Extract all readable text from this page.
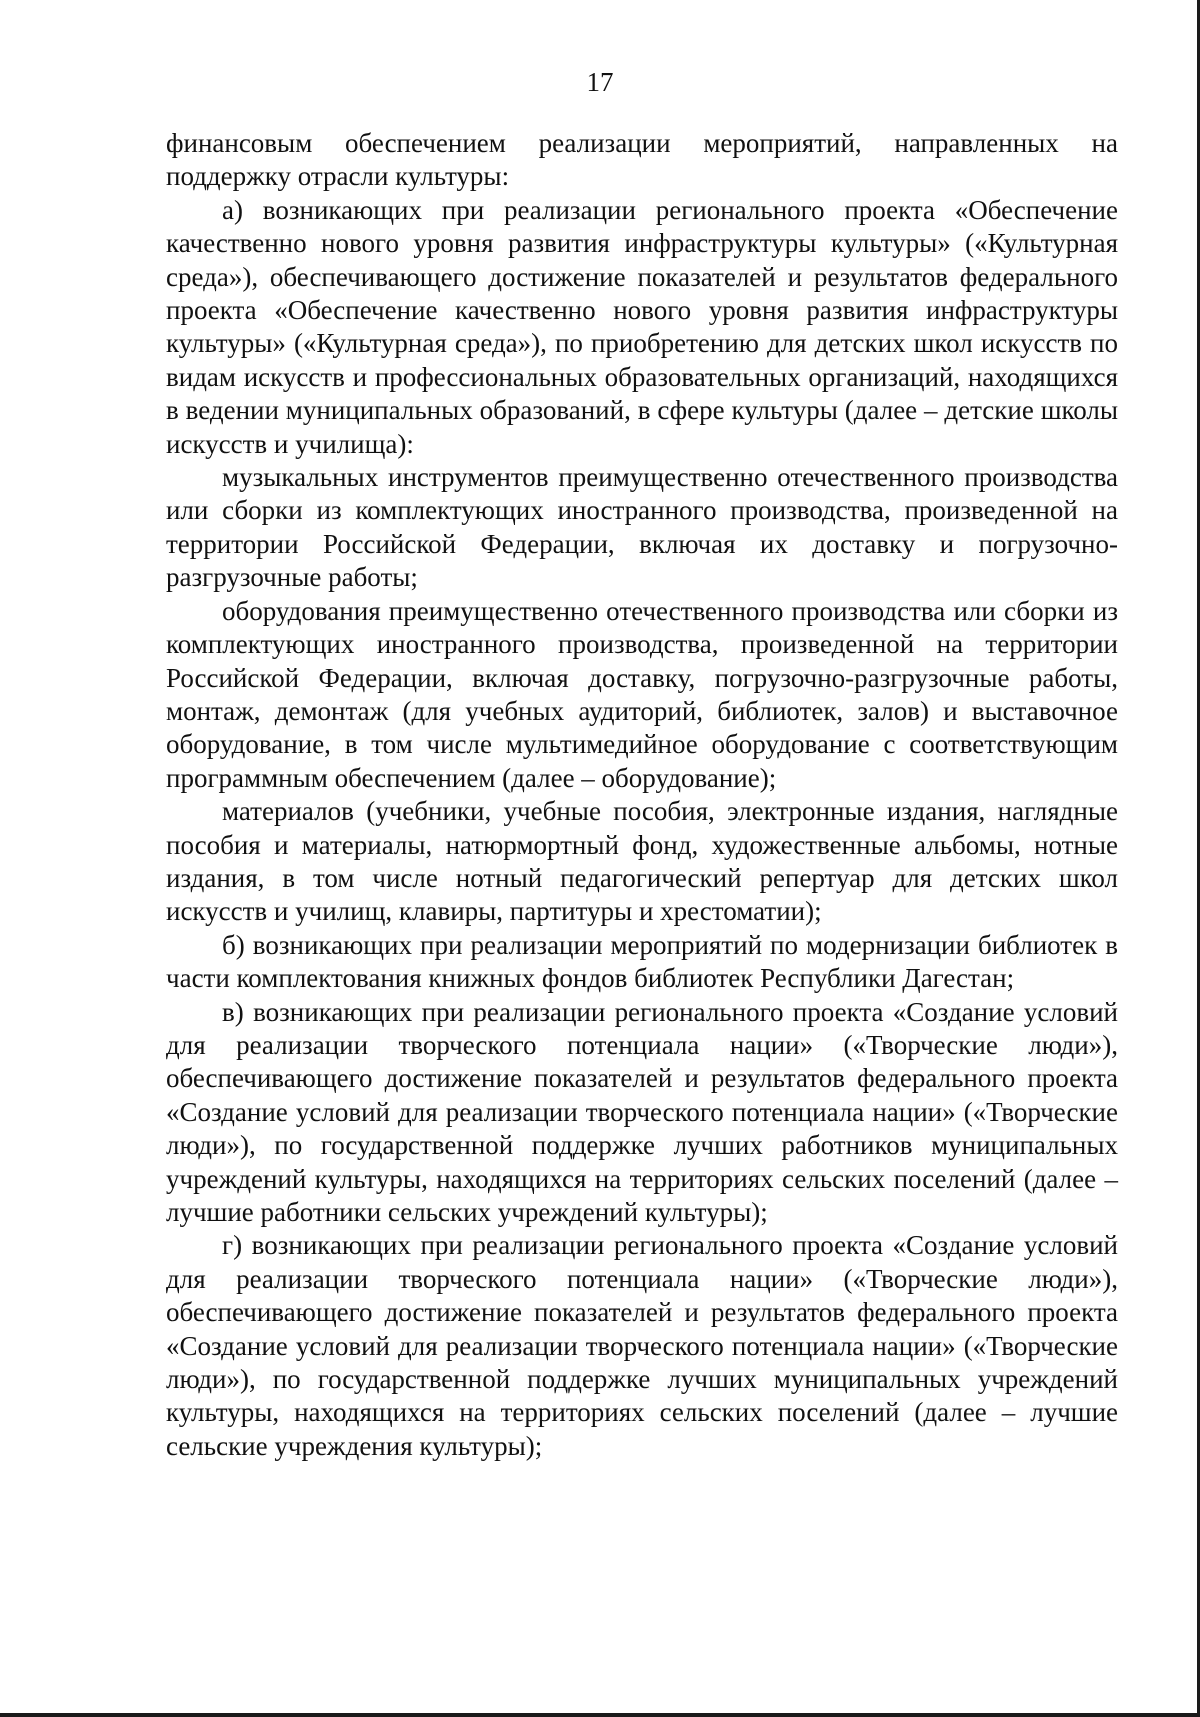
17

финансовым обеспечением реализации мероприятий, направленных на поддержку отрасли культуры:

а) возникающих при реализации регионального проекта «Обеспечение качественно нового уровня развития инфраструктуры культуры» («Культурная среда»), обеспечивающего достижение показателей и результатов федерального проекта «Обеспечение качественно нового уровня развития инфраструктуры культуры» («Культурная среда»), по приобретению для детских школ искусств по видам искусств и профессиональных образовательных организаций, находящихся в ведении муниципальных образований, в сфере культуры (далее – детские школы искусств и училища):

музыкальных инструментов преимущественно отечественного производства или сборки из комплектующих иностранного производства, произведенной на территории Российской Федерации, включая их доставку и погрузочно-разгрузочные работы;

оборудования преимущественно отечественного производства или сборки из комплектующих иностранного производства, произведенной на территории Российской Федерации, включая доставку, погрузочно-разгрузочные работы, монтаж, демонтаж (для учебных аудиторий, библиотек, залов) и выставочное оборудование, в том числе мультимедийное оборудование с соответствующим программным обеспечением (далее – оборудование);

материалов (учебники, учебные пособия, электронные издания, наглядные пособия и материалы, натюрмортный фонд, художественные альбомы, нотные издания, в том числе нотный педагогический репертуар для детских школ искусств и училищ, клавиры, партитуры и хрестоматии);

б) возникающих при реализации мероприятий по модернизации библиотек в части комплектования книжных фондов библиотек Республики Дагестан;

в) возникающих при реализации регионального проекта «Создание условий для реализации творческого потенциала нации» («Творческие люди»), обеспечивающего достижение показателей и результатов федерального проекта «Создание условий для реализации творческого потенциала нации» («Творческие люди»), по государственной поддержке лучших работников муниципальных учреждений культуры, находящихся на территориях сельских поселений (далее – лучшие работники сельских учреждений культуры);

г) возникающих при реализации регионального проекта «Создание условий для реализации творческого потенциала нации» («Творческие люди»), обеспечивающего достижение показателей и результатов федерального проекта «Создание условий для реализации творческого потенциала нации» («Творческие люди»), по государственной поддержке лучших муниципальных учреждений культуры, находящихся на территориях сельских поселений (далее – лучшие сельские учреждения культуры);
